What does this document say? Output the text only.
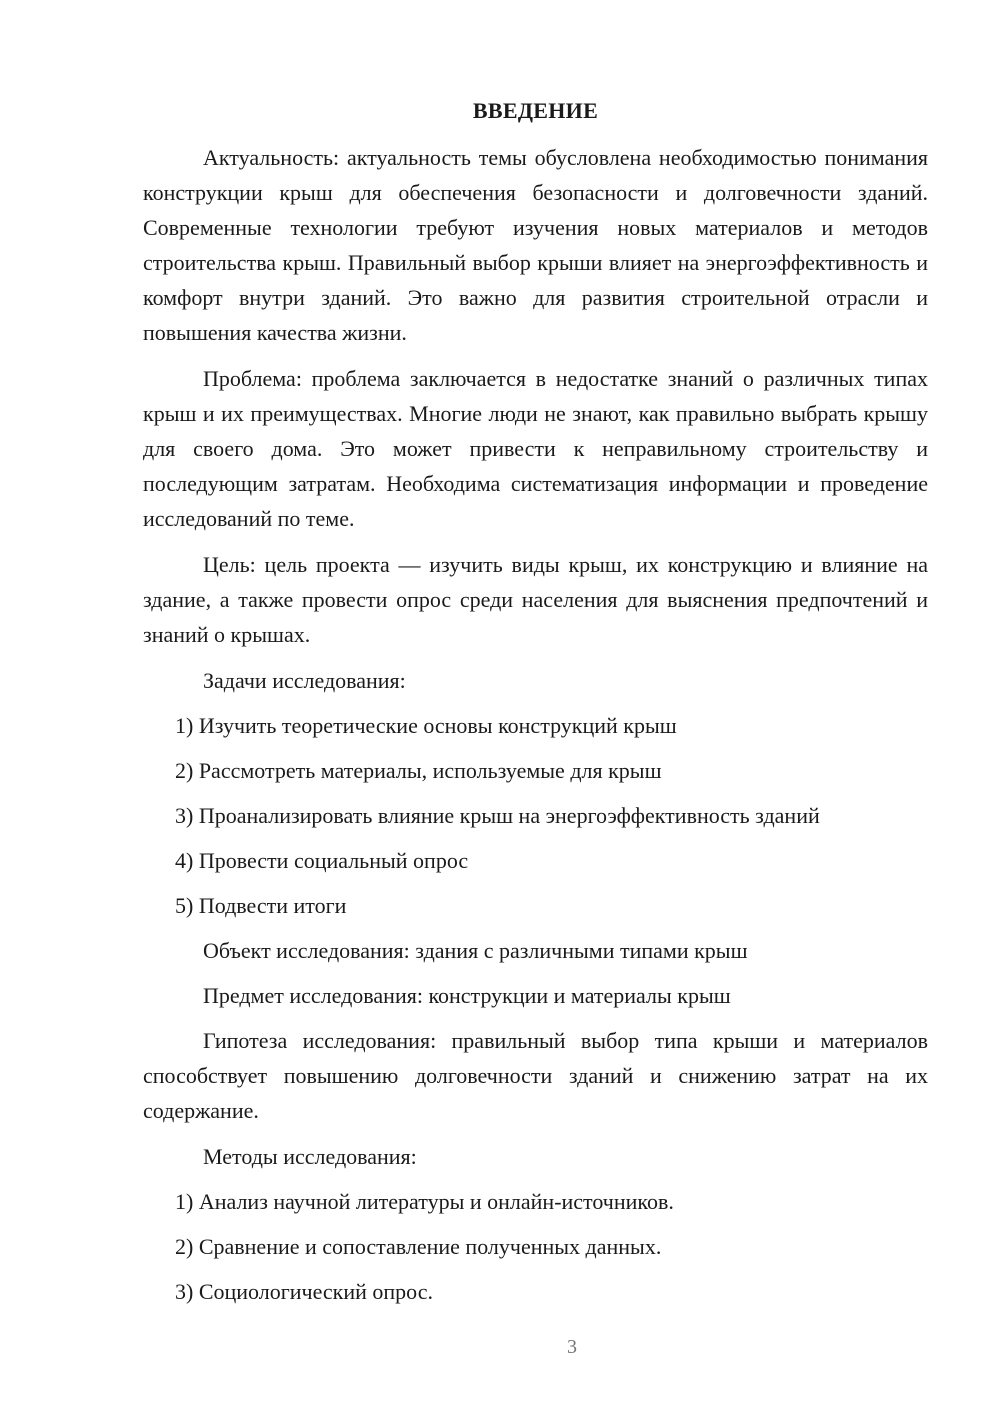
ВВЕДЕНИЕ

Актуальность: актуальность темы обусловлена необходимостью понимания конструкции крыш для обеспечения безопасности и долговечности зданий. Современные технологии требуют изучения новых материалов и методов строительства крыш. Правильный выбор крыши влияет на энергоэффективность и комфорт внутри зданий. Это важно для развития строительной отрасли и повышения качества жизни.

Проблема: проблема заключается в недостатке знаний о различных типах крыш и их преимуществах. Многие люди не знают, как правильно выбрать крышу для своего дома. Это может привести к неправильному строительству и последующим затратам. Необходима систематизация информации и проведение исследований по теме.

Цель: цель проекта — изучить виды крыш, их конструкцию и влияние на здание, а также провести опрос среди населения для выяснения предпочтений и знаний о крышах.

Задачи исследования:

1) Изучить теоретические основы конструкций крыш

2) Рассмотреть материалы, используемые для крыш

3) Проанализировать влияние крыш на энергоэффективность зданий

4) Провести социальный опрос

5) Подвести итоги

Объект исследования: здания с различными типами крыш

Предмет исследования: конструкции и материалы крыш

Гипотеза исследования: правильный выбор типа крыши и материалов способствует повышению долговечности зданий и снижению затрат на их содержание.

Методы исследования:

1) Анализ научной литературы и онлайн-источников.

2) Сравнение и сопоставление полученных данных.

3) Социологический опрос.

3
